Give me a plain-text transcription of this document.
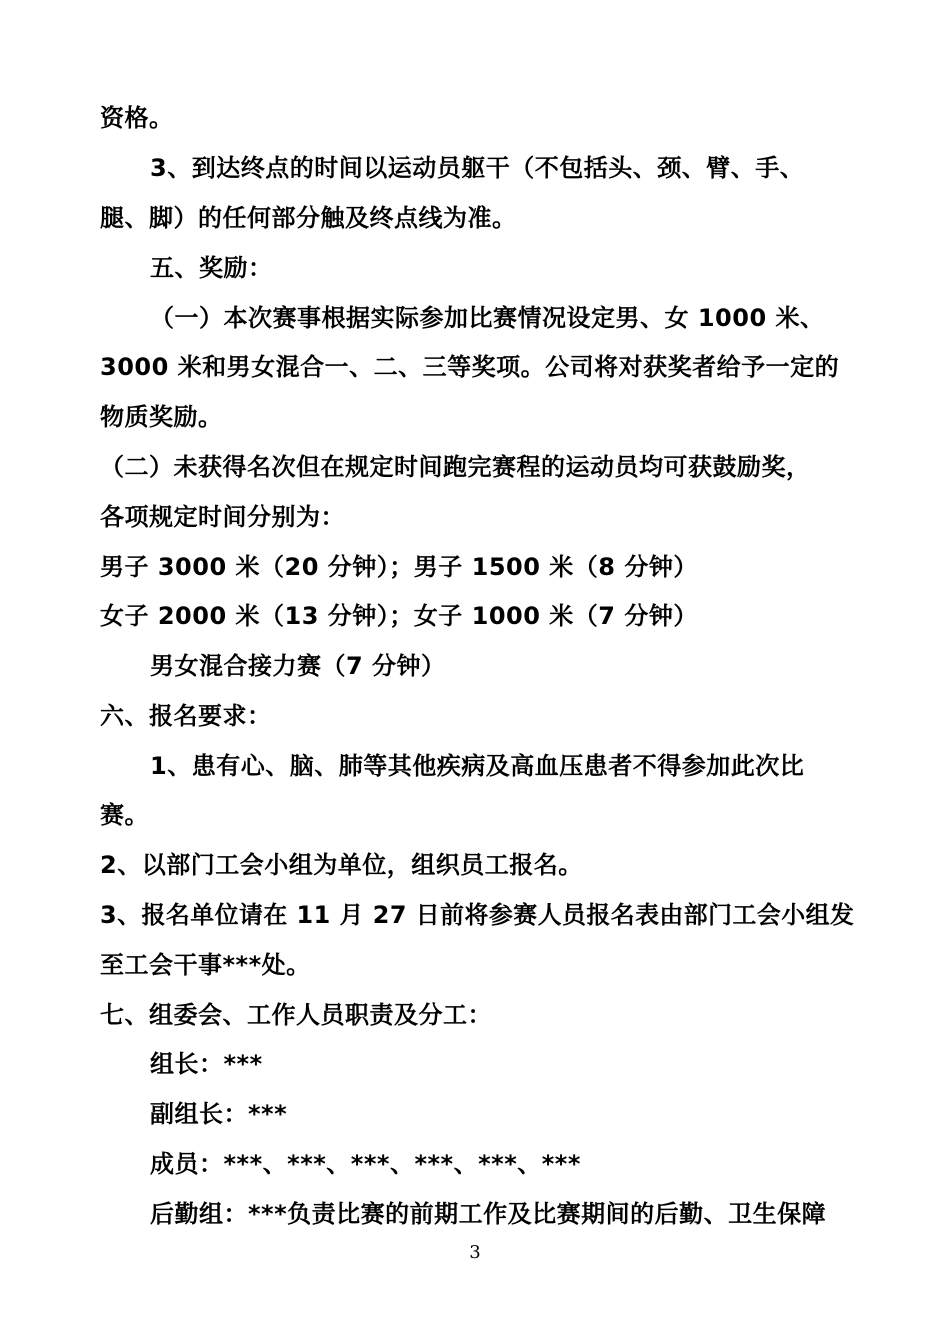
资格。
3、到达终点的时间以运动员躯干（不包括头、颈、臂、手、
腿、脚）的任何部分触及终点线为准。
五、奖励：
（一）本次赛事根据实际参加比赛情况设定男、女 1000 米、
3000 米和男女混合一、二、三等奖项。公司将对获奖者给予一定的
物质奖励。
（二）未获得名次但在规定时间跑完赛程的运动员均可获鼓励奖，
各项规定时间分别为：
男子 3000 米（20 分钟）；男子 1500 米（8 分钟）
女子 2000 米（13 分钟）；女子 1000 米（7 分钟）
男女混合接力赛（7 分钟）
六、报名要求：
1、患有心、脑、肺等其他疾病及高血压患者不得参加此次比
赛。
2、以部门工会小组为单位，组织员工报名。
3、报名单位请在 11 月 27 日前将参赛人员报名表由部门工会小组发
至工会干事***处。
七、组委会、工作人员职责及分工：
组长：***
副组长：***
成员：***、***、***、***、***、***
后勤组：***负责比赛的前期工作及比赛期间的后勤、卫生保障
3
